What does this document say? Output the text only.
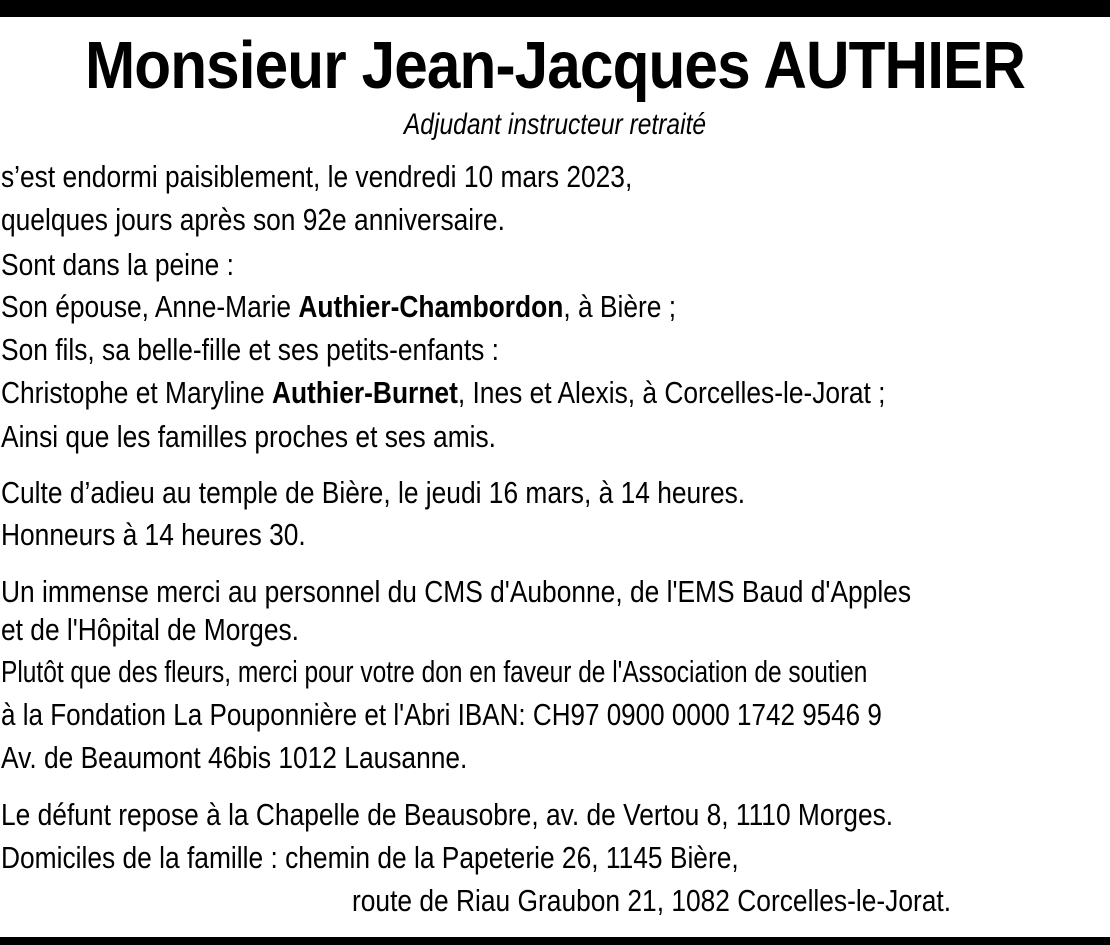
Monsieur Jean-Jacques AUTHIER
Adjudant instructeur retraité
s’est endormi paisiblement, le vendredi 10 mars 2023,
quelques jours après son 92e anniversaire.
Sont dans la peine :
Son épouse, Anne-Marie Authier-Chambordon, à Bière ;
Son fils, sa belle-fille et ses petits-enfants :
Christophe et Maryline Authier-Burnet, Ines et Alexis, à Corcelles-le-Jorat ;
Ainsi que les familles proches et ses amis.
Culte d’adieu au temple de Bière, le jeudi 16 mars, à 14 heures.
Honneurs à 14 heures 30.
Un immense merci au personnel du CMS d'Aubonne, de l'EMS Baud d'Apples
et de l'Hôpital de Morges.
Plutôt que des fleurs, merci pour votre don en faveur de l'Association de soutien
à la Fondation La Pouponnière et l'Abri IBAN: CH97 0900 0000 1742 9546 9
Av. de Beaumont 46bis 1012 Lausanne.
Le défunt repose à la Chapelle de Beausobre, av. de Vertou 8, 1110 Morges.
Domiciles de la famille : chemin de la Papeterie 26, 1145 Bière,
route de Riau Graubon 21, 1082 Corcelles-le-Jorat.
